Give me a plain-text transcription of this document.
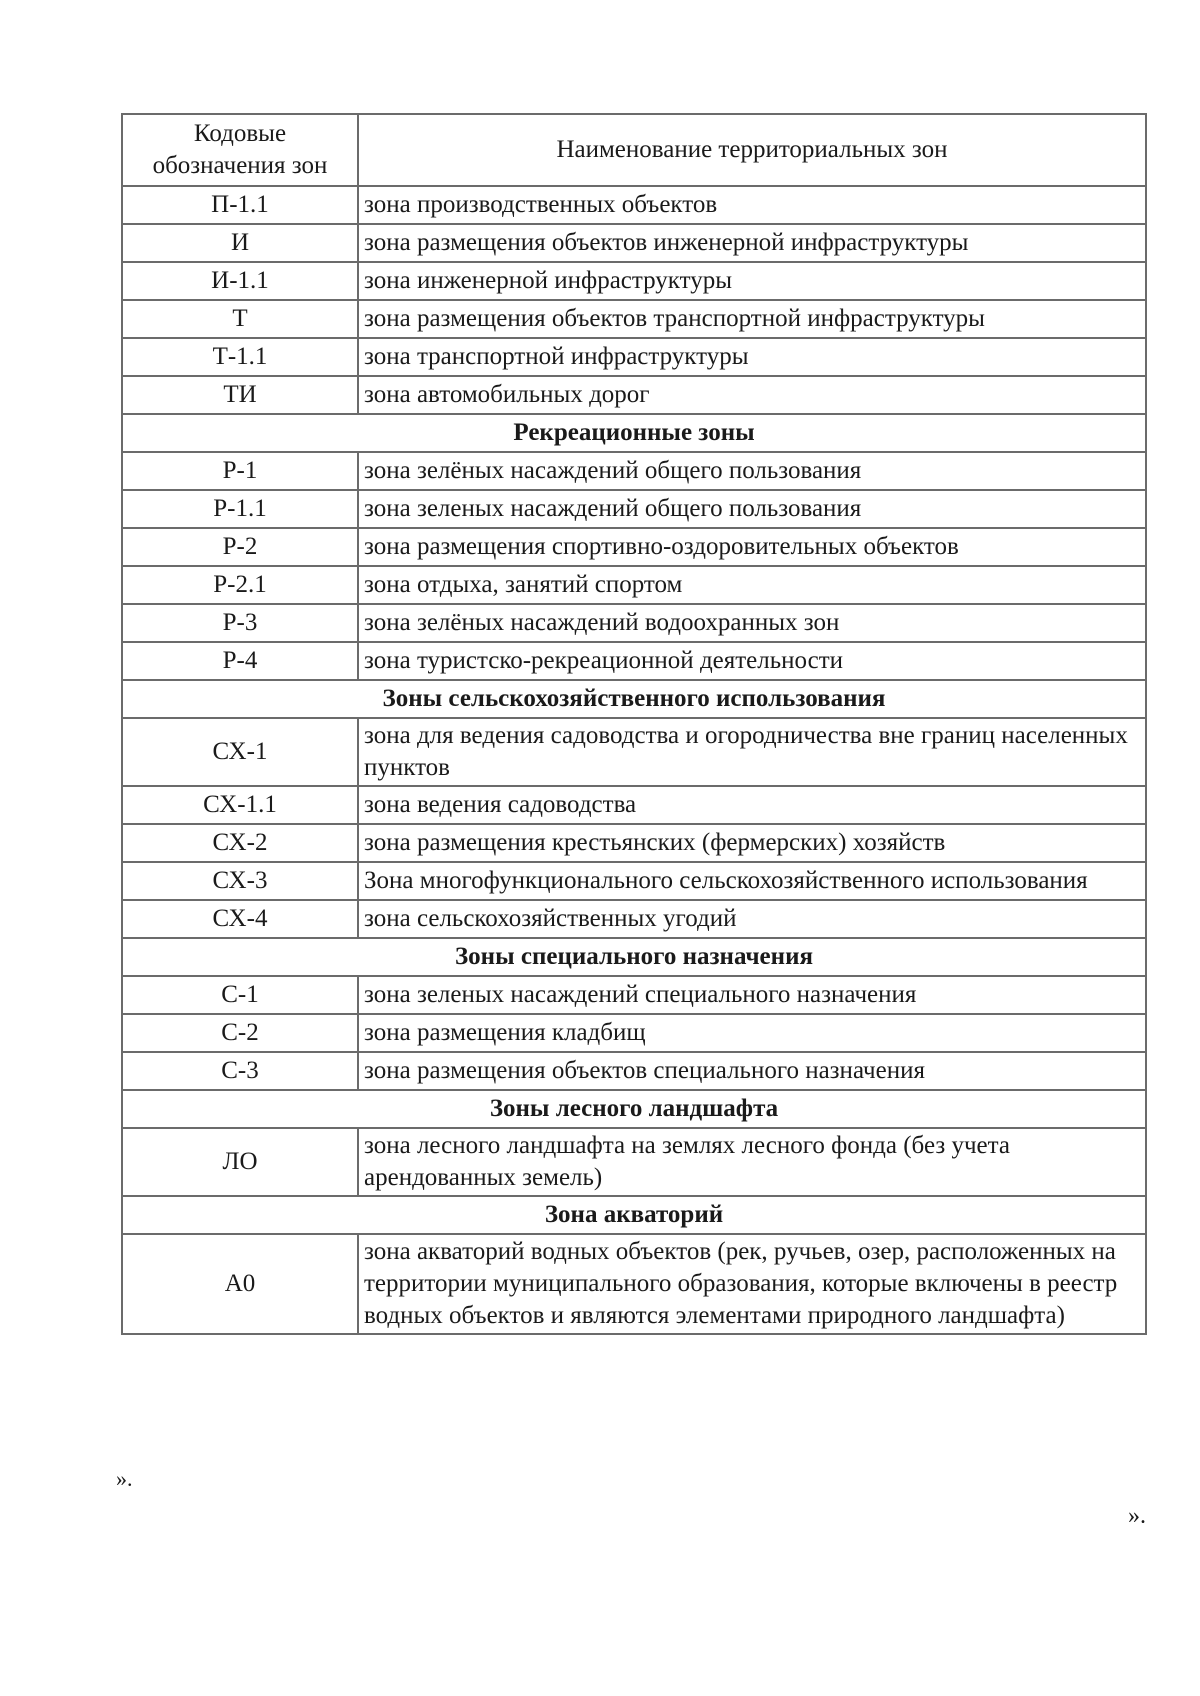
Кодовые обозначения зон	Наименование территориальных зон
П-1.1	зона производственных объектов
И	зона размещения объектов инженерной инфраструктуры
И-1.1	зона инженерной инфраструктуры
Т	зона размещения объектов транспортной инфраструктуры
Т-1.1	зона транспортной инфраструктуры
ТИ	зона автомобильных дорог
Рекреационные зоны	
Р-1	зона зелёных насаждений общего пользования
Р-1.1	зона зеленых насаждений общего пользования
Р-2	зона размещения спортивно-оздоровительных объектов
Р-2.1	зона отдыха, занятий спортом
Р-3	зона зелёных насаждений водоохранных зон
Р-4	зона туристско-рекреационной деятельности
Зоны сельскохозяйственного использования	
СХ-1	зона для ведения садоводства и огородничества вне границ населенных пунктов
СХ-1.1	зона ведения садоводства
СХ-2	зона размещения крестьянских (фермерских) хозяйств
СХ-3	Зона многофункционального сельскохозяйственного использования
СХ-4	зона сельскохозяйственных угодий
Зоны специального назначения	
С-1	зона зеленых насаждений специального назначения
С-2	зона размещения кладбищ
С-3	зона размещения объектов специального назначения
Зоны лесного ландшафта	
ЛО	зона лесного ландшафта на землях лесного фонда (без учета арендованных земель)
Зона акваторий	
А0	зона акваторий водных объектов (рек, ручьев, озер, расположенных на территории муниципального образования, которые включены в реестр водных объектов и являются элементами природного ландшафта)
».
».
